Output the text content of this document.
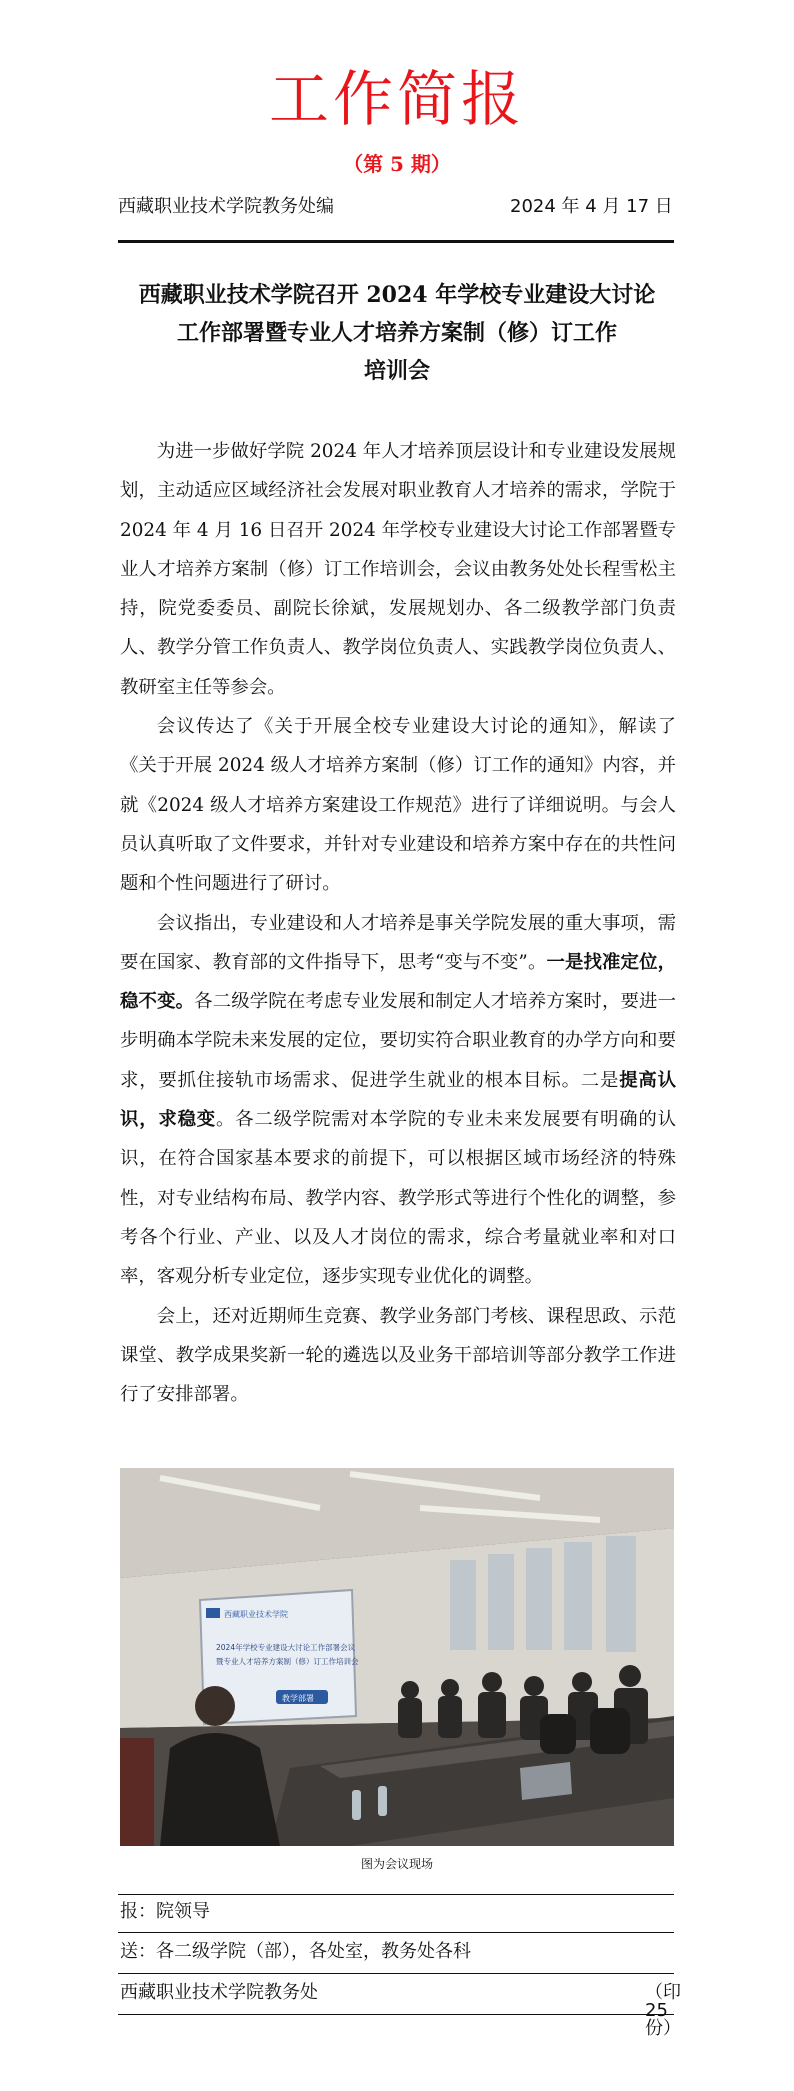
工作简报
（第 5 期）
西藏职业技术学院教务处编	2024 年 4 月 17 日
西藏职业技术学院召开 2024 年学校专业建设大讨论
工作部署暨专业人才培养方案制（修）订工作
培训会

为进一步做好学院 2024 年人才培养顶层设计和专业建设发展规划，主动适应区域经济社会发展对职业教育人才培养的需求，学院于 2024 年 4 月 16 日召开 2024 年学校专业建设大讨论工作部署暨专业人才培养方案制（修）订工作培训会，会议由教务处处长程雪松主持，院党委委员、副院长徐斌，发展规划办、各二级教学部门负责人、教学分管工作负责人、教学岗位负责人、实践教学岗位负责人、教研室主任等参会。

会议传达了《关于开展全校专业建设大讨论的通知》，解读了《关于开展 2024 级人才培养方案制（修）订工作的通知》内容，并就《2024 级人才培养方案建设工作规范》进行了详细说明。与会人员认真听取了文件要求，并针对专业建设和培养方案中存在的共性问题和个性问题进行了研讨。

会议指出，专业建设和人才培养是事关学院发展的重大事项，需要在国家、教育部的文件指导下，思考“变与不变”。一是找准定位，稳不变。各二级学院在考虑专业发展和制定人才培养方案时，要进一步明确本学院未来发展的定位，要切实符合职业教育的办学方向和要求，要抓住接轨市场需求、促进学生就业的根本目标。二是提高认识，求稳变。各二级学院需对本学院的专业未来发展要有明确的认识，在符合国家基本要求的前提下，可以根据区域市场经济的特殊性，对专业结构布局、教学内容、教学形式等进行个性化的调整，参考各个行业、产业、以及人才岗位的需求，综合考量就业率和对口率，客观分析专业定位，逐步实现专业优化的调整。

会上，还对近期师生竞赛、教学业务部门考核、课程思政、示范课堂、教学成果奖新一轮的遴选以及业务干部培训等部分教学工作进行了安排部署。

西藏职业技术学院
2024年学校专业建设大讨论工作部署会议
暨专业人才培养方案制（修）订工作培训会
教学部署
图为会议现场
报：院领导
送：各二级学院（部），各处室，教务处各科
西藏职业技术学院教务处	（印 25 份）
